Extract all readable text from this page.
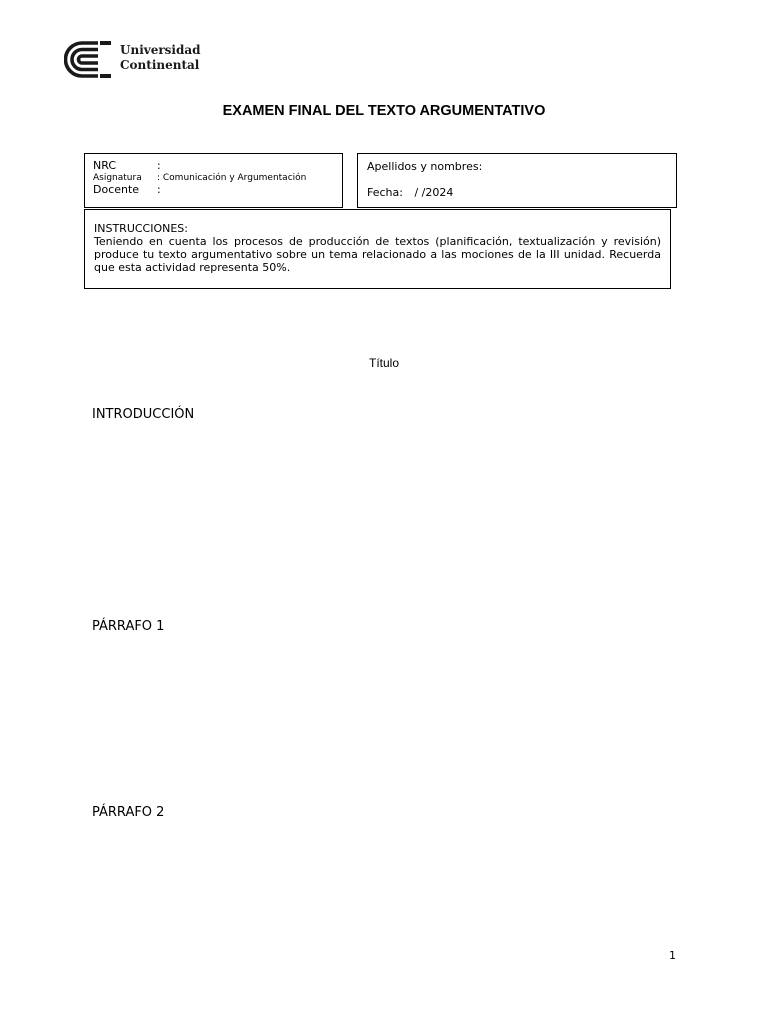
Universidad
Continental
EXAMEN FINAL DEL TEXTO ARGUMENTATIVO
NRC	:
Asignatura	: Comunicación y Argumentación
Docente	:
Apellidos y nombres:
Fecha: / /2024
INSTRUCCIONES:
Teniendo en cuenta los procesos de producción de textos (planificación, textualización y revisión) produce tu texto argumentativo sobre un tema relacionado a las mociones de la III unidad. Recuerda que esta actividad representa 50%.
Título
INTRODUCCIÓN
PÁRRAFO 1
PÁRRAFO 2
1
